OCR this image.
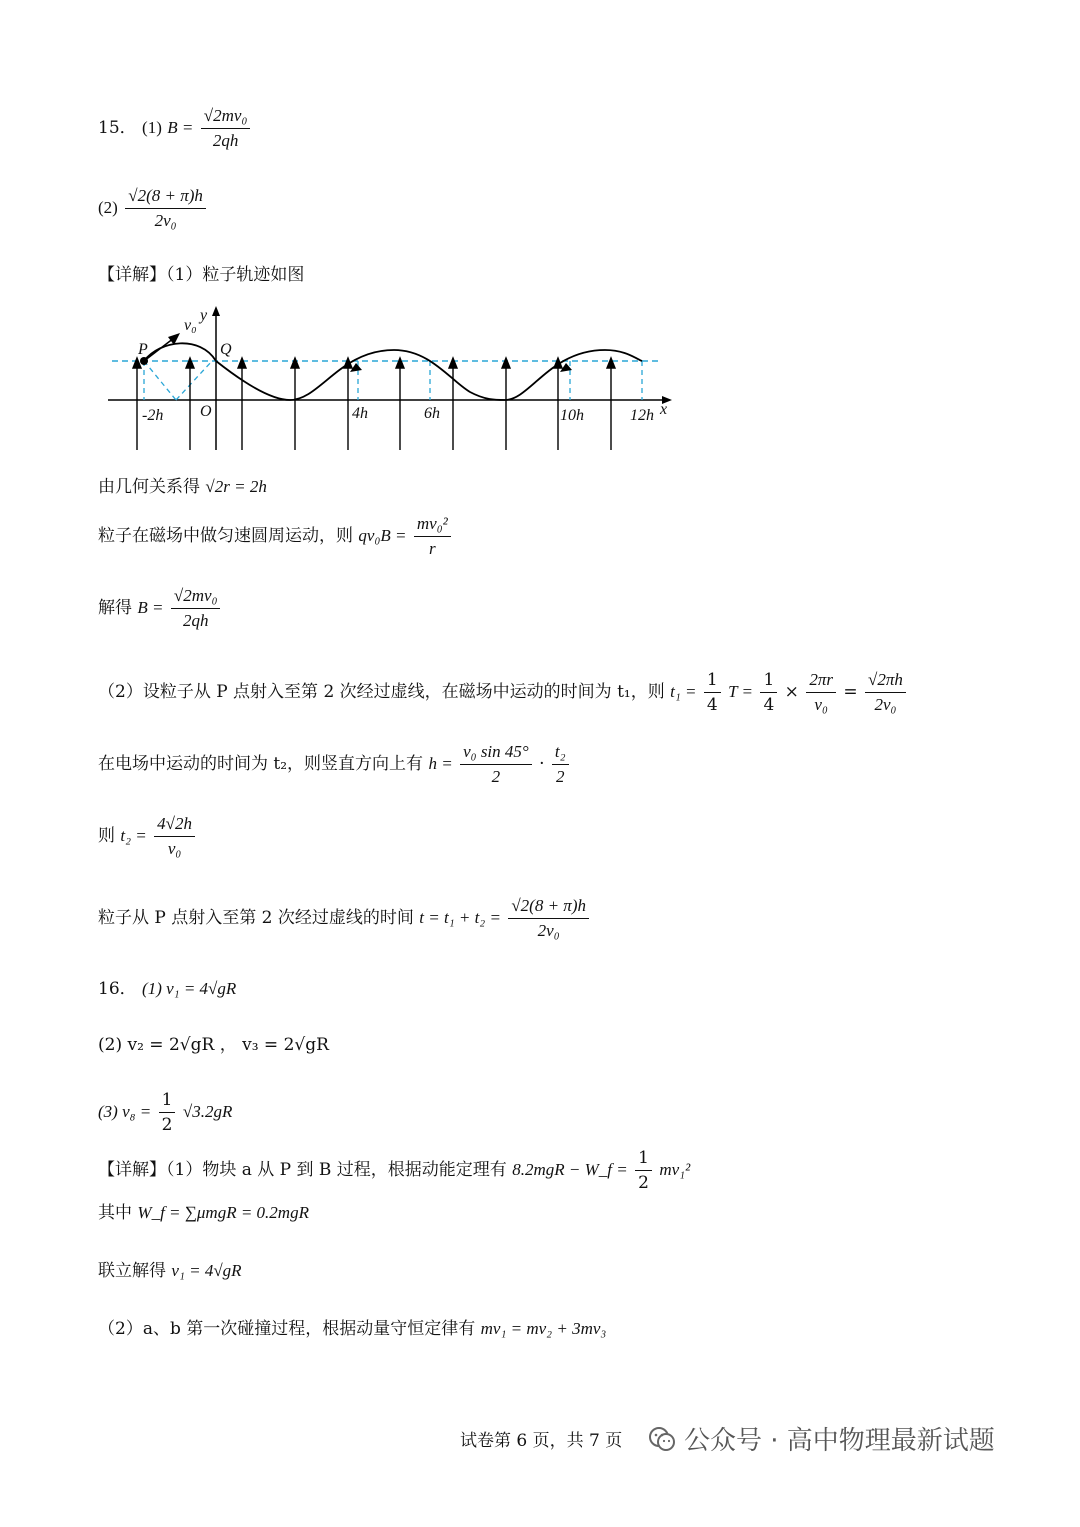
15． (1) $B = \frac{\text{√2mv₀}}{2qh}$
$(2) \frac{√2(8 + \pi)h}{\text{2v₀}}$
【详解】（1）粒子轨迹如图
v₀
y
P	Q
-2h O	4h	6h	10h	12h x
由几何关系得 √2r = 2h
粒子在磁场中做匀速圆周运动，则 $qv_0B = \frac{\text{mv₀²}}{r}$
解得 $B = \frac{\text{√2mv₀}}{2qh}$
（2）设粒子从 P 点射入至第 2 次经过虚线，在磁场中运动的时间为 t₁，则 $t_1 = \frac{1}{4}$ $T = \frac{1}{4} \times \frac{2\pi r}{\text{v₀}} = \frac{√2\pi h}{\text{2v₀}}$
在电场中运动的时间为 t₂，则竖直方向上有 $h = \frac{\text{v₀ sin 45°}}{2} \cdot \frac{\text{t₂}}{2}$
则 $t_2 = \frac{4√2h}{\text{v₀}}$
粒子从 P 点射入至第 2 次经过虚线的时间 $t = t_1 + t_2 = \frac{√2(8 + \pi)h}{\text{2v₀}}$
16． (1) v₁ = 4√gR
(2) v₂ = 2√gR ， v₃ = 2√gR
(3) $v_8 = \frac{1}{2} √3.2gR$
【详解】（1）物块 a 从 P 到 B 过程，根据动能定理有 8.2mgR − W_f = $\frac{1}{2} mv_1^2$
其中 W_f = ∑μmgR = 0.2mgR
联立解得 v₁ = 4√gR
（2）a、b 第一次碰撞过程，根据动量守恒定律有 mv₁ = mv₂ + 3mv₃
试卷第 6 页，共 7 页 公众号 · 高中物理最新试题
